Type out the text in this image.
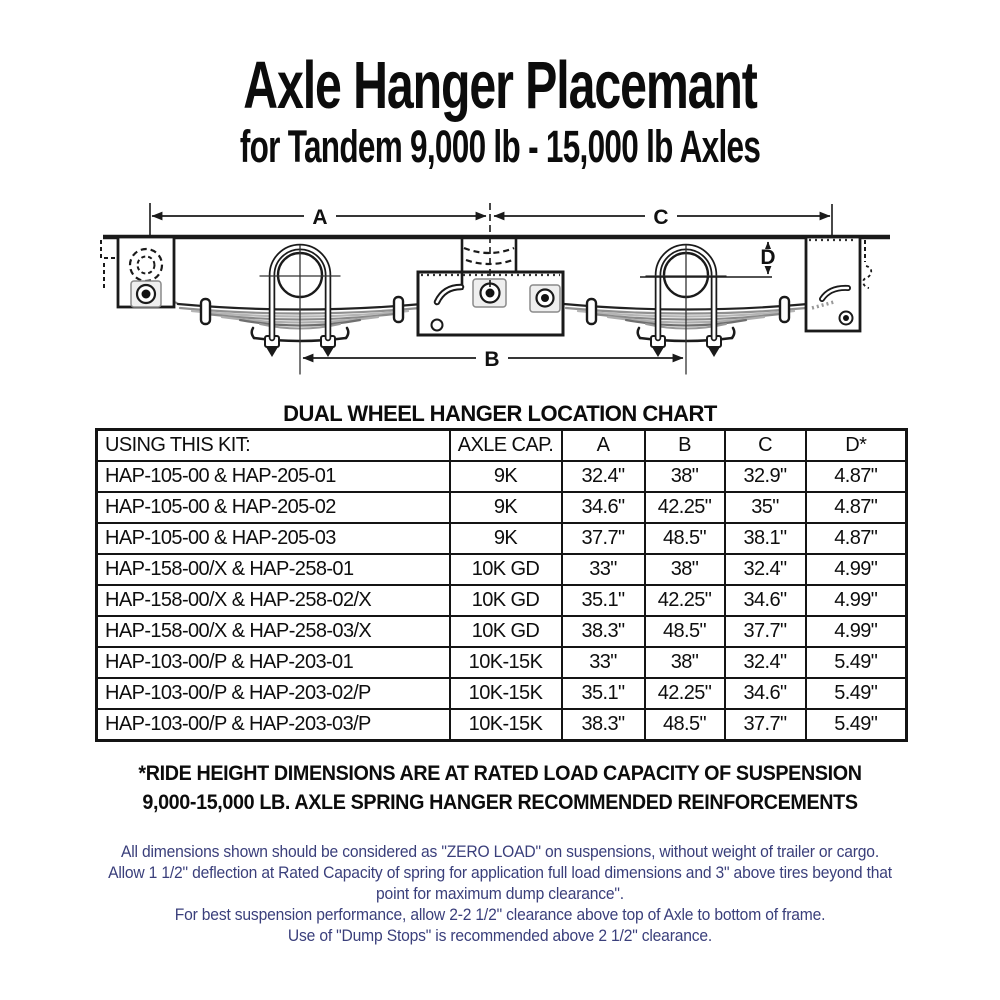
Axle Hanger Placemant
for Tandem 9,000 lb - 15,000 lb Axles
A	C
B
D
DUAL WHEEL HANGER LOCATION CHART
USING THIS KIT:	AXLE CAP.	A	B	C	D*
HAP-105-00 & HAP-205-01	9K	32.4"	38"	32.9"	4.87"
HAP-105-00 & HAP-205-02	9K	34.6"	42.25"	35"	4.87"
HAP-105-00 & HAP-205-03	9K	37.7"	48.5"	38.1"	4.87"
HAP-158-00/X & HAP-258-01	10K GD	33"	38"	32.4"	4.99"
HAP-158-00/X & HAP-258-02/X	10K GD	35.1"	42.25"	34.6"	4.99"
HAP-158-00/X & HAP-258-03/X	10K GD	38.3"	48.5"	37.7"	4.99"
HAP-103-00/P & HAP-203-01	10K-15K	33"	38"	32.4"	5.49"
HAP-103-00/P & HAP-203-02/P	10K-15K	35.1"	42.25"	34.6"	5.49"
HAP-103-00/P & HAP-203-03/P	10K-15K	38.3"	48.5"	37.7"	5.49"
*RIDE HEIGHT DIMENSIONS ARE AT RATED LOAD CAPACITY OF SUSPENSION
9,000-15,000 LB. AXLE SPRING HANGER RECOMMENDED REINFORCEMENTS
All dimensions shown should be considered as "ZERO LOAD" on suspensions, without weight of trailer or cargo.
Allow 1 1/2" deflection at Rated Capacity of spring for application full load dimensions and 3" above tires beyond that
point for maximum dump clearance".
For best suspension performance, allow 2-2 1/2" clearance above top of Axle to bottom of frame.
Use of "Dump Stops" is recommended above 2 1/2" clearance.
